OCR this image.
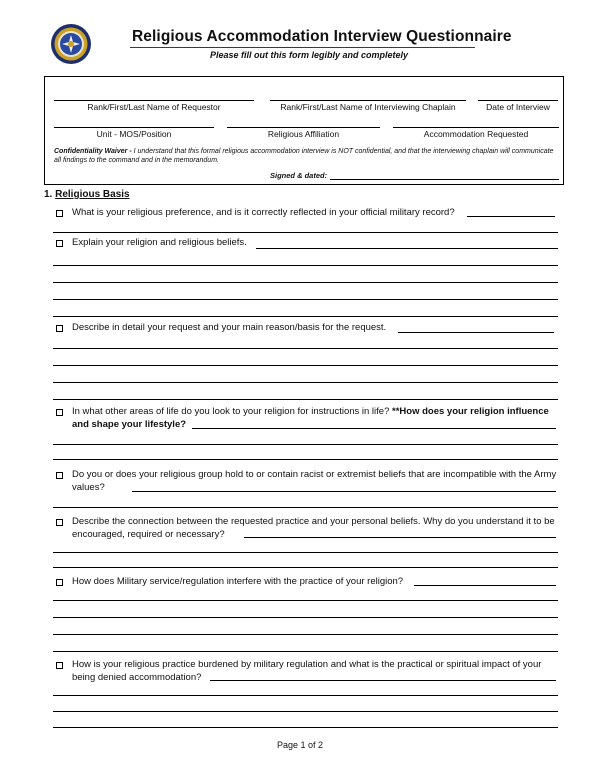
Religious Accommodation Interview Questionnaire
Please fill out this form legibly and completely
Rank/First/Last Name of Requestor	Rank/First/Last Name of Interviewing Chaplain	Date of Interview
Unit - MOS/Position	Religious Affiliation	Accommodation Requested
Confidentiality Waiver - I understand that this formal religious accommodation interview is NOT confidential, and that the interviewing chaplain will communicate all findings to the command and in the memorandum.
Signed & dated:
1. Religious Basis
What is your religious preference, and is it correctly reflected in your official military record?
Explain your religion and religious beliefs.
Describe in detail your request and your main reason/basis for the request.
In what other areas of life do you look to your religion for instructions in life? **How does your religion influence and shape your lifestyle?
Do you or does your religious group hold to or contain racist or extremist beliefs that are incompatible with the Army values?
Describe the connection between the requested practice and your personal beliefs. Why do you understand it to be encouraged, required or necessary?
How does Military service/regulation interfere with the practice of your religion?
How is your religious practice burdened by military regulation and what is the practical or spiritual impact of your being denied accommodation?
Page 1 of 2
